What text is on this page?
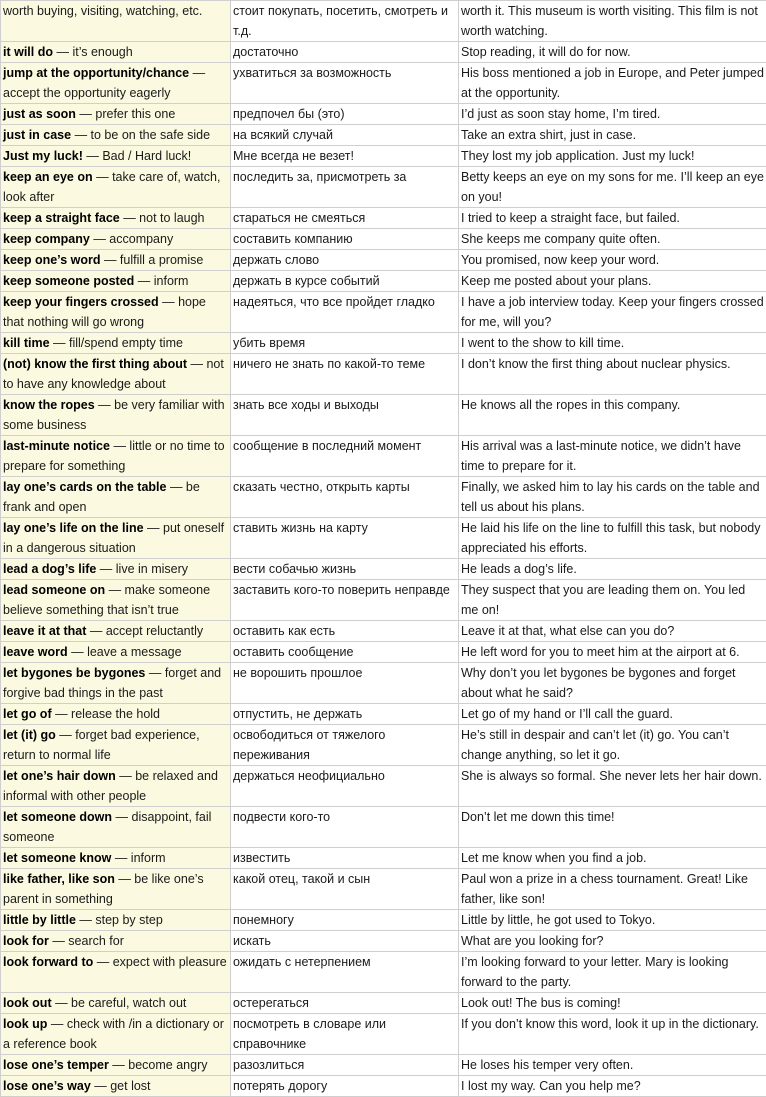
worth buying, visiting, watching, etc.	стоит покупать, посетить, смотреть и т.д.	worth it. This museum is worth visiting. This film is not worth watching.
it will do — it’s enough	достаточно	Stop reading, it will do for now.
jump at the opportunity/chance — accept the opportunity eagerly	ухватиться за возможность	His boss mentioned a job in Europe, and Peter jumped at the opportunity.
just as soon — prefer this one	предпочел бы (это)	I’d just as soon stay home, I’m tired.
just in case — to be on the safe side	на всякий случай	Take an extra shirt, just in case.
Just my luck! — Bad / Hard luck!	Мне всегда не везет!	They lost my job application. Just my luck!
keep an eye on — take care of, watch, look after	последить за, присмотреть за	Betty keeps an eye on my sons for me. I’ll keep an eye on you!
keep a straight face — not to laugh	стараться не смеяться	I tried to keep a straight face, but failed.
keep company — accompany	составить компанию	She keeps me company quite often.
keep one’s word — fulfill a promise	держать слово	You promised, now keep your word.
keep someone posted — inform	держать в курсе событий	Keep me posted about your plans.
keep your fingers crossed — hope that nothing will go wrong	надеяться, что все пройдет гладко	I have a job interview today. Keep your fingers crossed for me, will you?
kill time — fill/spend empty time	убить время	I went to the show to kill time.
(not) know the first thing about — not to have any knowledge about	ничего не знать по какой-то теме	I don’t know the first thing about nuclear physics.
know the ropes — be very familiar with some business	знать все ходы и выходы	He knows all the ropes in this company.
last-minute notice — little or no time to prepare for something	сообщение в последний момент	His arrival was a last-minute notice, we didn’t have time to prepare for it.
lay one’s cards on the table — be frank and open	сказать честно, открыть карты	Finally, we asked him to lay his cards on the table and tell us about his plans.
lay one’s life on the line — put oneself in a dangerous situation	ставить жизнь на карту	He laid his life on the line to fulfill this task, but nobody appreciated his efforts.
lead a dog’s life — live in misery	вести собачью жизнь	He leads a dog’s life.
lead someone on — make someone believe something that isn’t true	заставить кого-то поверить неправде	They suspect that you are leading them on. You led me on!
leave it at that — accept reluctantly	оставить как есть	Leave it at that, what else can you do?
leave word — leave a message	оставить сообщение	He left word for you to meet him at the airport at 6.
let bygones be bygones — forget and forgive bad things in the past	не ворошить прошлое	Why don’t you let bygones be bygones and forget about what he said?
let go of — release the hold	отпустить, не держать	Let go of my hand or I’ll call the guard.
let (it) go — forget bad experience, return to normal life	освободиться от тяжелого переживания	He’s still in despair and can’t let (it) go. You can’t change anything, so let it go.
let one’s hair down — be relaxed and informal with other people	держаться неофициально	She is always so formal. She never lets her hair down.
let someone down — disappoint, fail someone	подвести кого-то	Don’t let me down this time!
let someone know — inform	известить	Let me know when you find a job.
like father, like son — be like one’s parent in something	какой отец, такой и сын	Paul won a prize in a chess tournament. Great! Like father, like son!
little by little — step by step	понемногу	Little by little, he got used to Tokyo.
look for — search for	искать	What are you looking for?
look forward to — expect with pleasure	ожидать с нетерпением	I’m looking forward to your letter. Mary is looking forward to the party.
look out — be careful, watch out	остерегаться	Look out! The bus is coming!
look up — check with /in a dictionary or a reference book	посмотреть в словаре или справочнике	If you don’t know this word, look it up in the dictionary.
lose one’s temper — become angry	разозлиться	He loses his temper very often.
lose one’s way — get lost	потерять дорогу	I lost my way. Can you help me?
